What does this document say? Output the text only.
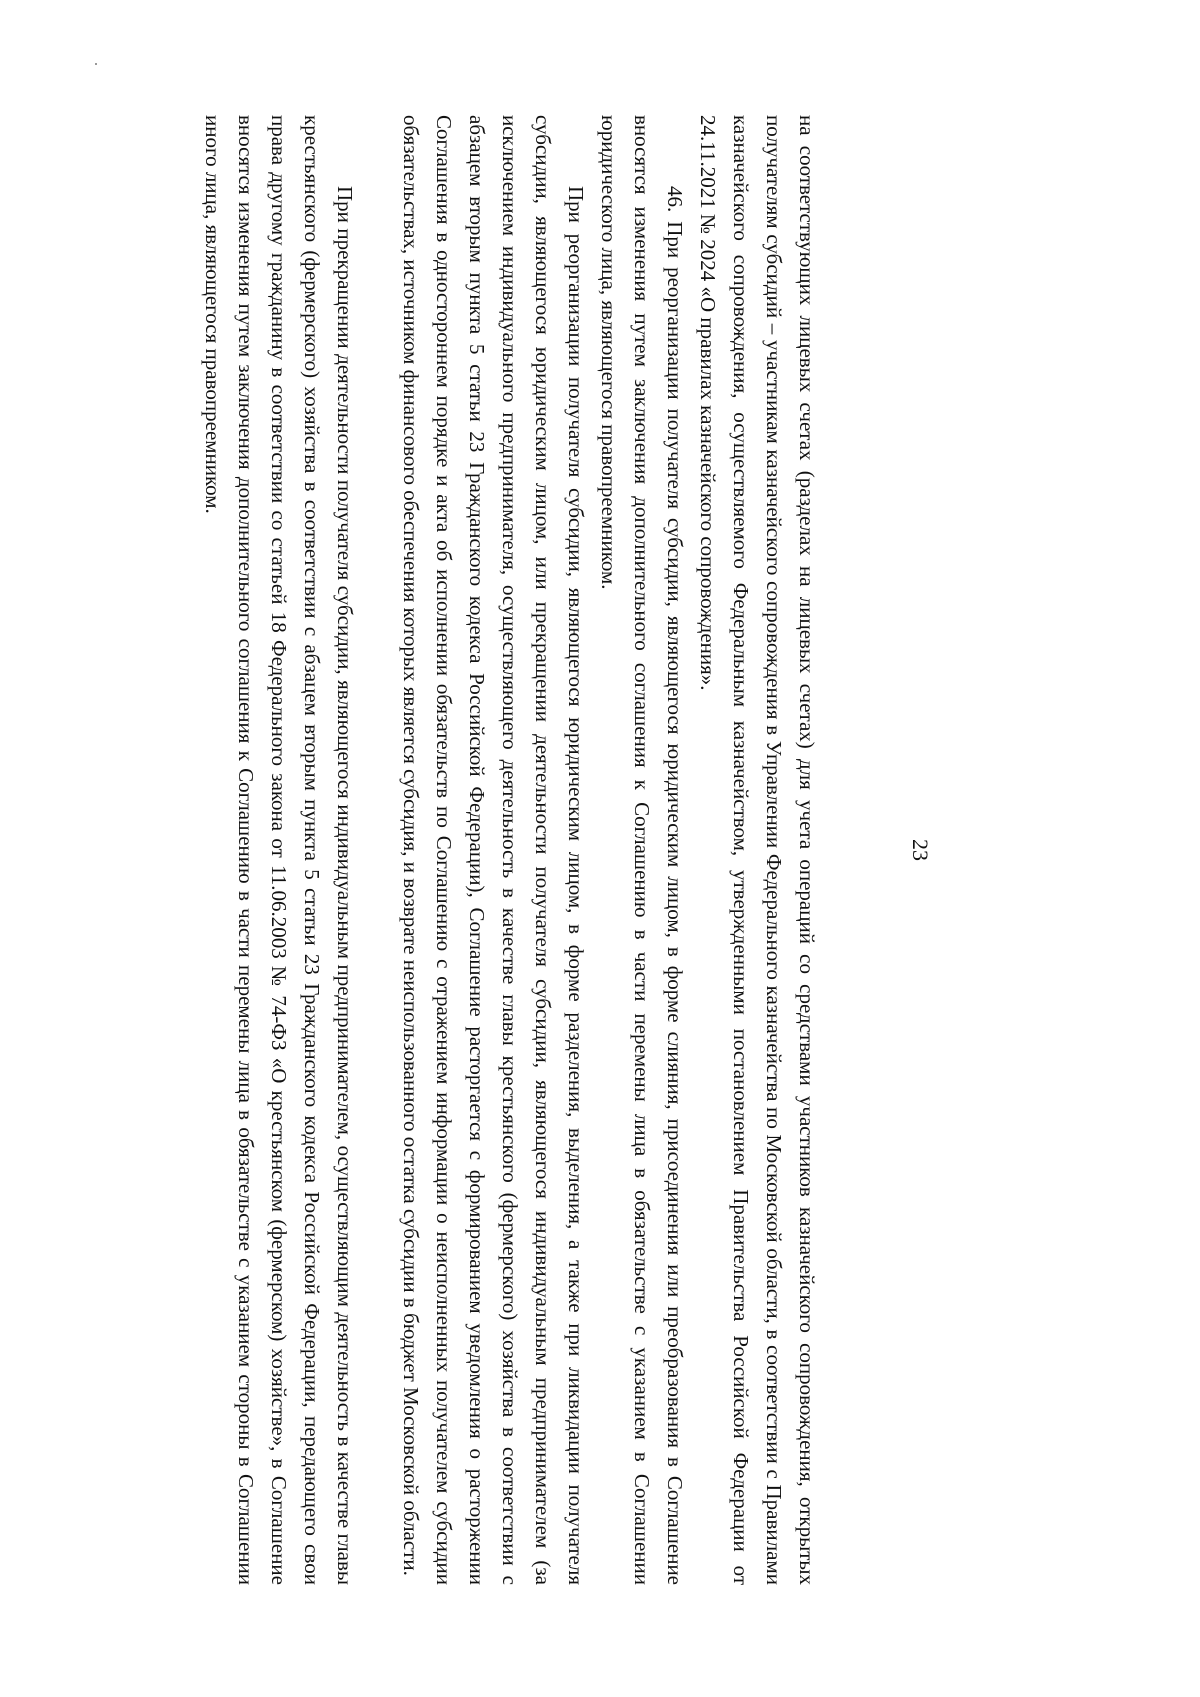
23

на соответствующих лицевых счетах (разделах на лицевых счетах) для учета операций со средствами участников казначейского сопровождения, открытых получателям субсидий – участникам казначейского сопровождения в Управлении Федерального казначейства по Московской области, в соответствии с Правилами казначейского сопровождения, осуществляемого Федеральным казначейством, утвержденными постановлением Правительства Российской Федерации от 24.11.2021 № 2024 «О правилах казначейского сопровождения».

46. При реорганизации получателя субсидии, являющегося юридическим лицом, в форме слияния, присоединения или преобразования в Соглашение вносятся изменения путем заключения дополнительного соглашения к Соглашению в части перемены лица в обязательстве с указанием в Соглашении юридического лица, являющегося правопреемником.

При реорганизации получателя субсидии, являющегося юридическим лицом, в форме разделения, выделения, а также при ликвидации получателя субсидии, являющегося юридическим лицом, или прекращении деятельности получателя субсидии, являющегося индивидуальным предпринимателем (за исключением индивидуального предпринимателя, осуществляющего деятельность в качестве главы крестьянского (фермерского) хозяйства в соответствии с абзацем вторым пункта 5 статьи 23 Гражданского кодекса Российской Федерации), Соглашение расторгается с формированием уведомления о расторжении Соглашения в одностороннем порядке и акта об исполнении обязательств по Соглашению с отражением информации о неисполненных получателем субсидии обязательствах, источником финансового обеспечения которых является субсидия, и возврате неиспользованного остатка субсидии в бюджет Московской области.

При прекращении деятельности получателя субсидии, являющегося индивидуальным предпринимателем, осуществляющим деятельность в качестве главы крестьянского (фермерского) хозяйства в соответствии с абзацем вторым пункта 5 статьи 23 Гражданского кодекса Российской Федерации, передающего свои права другому гражданину в соответствии со статьей 18 Федерального закона от 11.06.2003 № 74-ФЗ «О крестьянском (фермерском) хозяйстве», в Соглашение вносятся изменения путем заключения дополнительного соглашения к Соглашению в части перемены лица в обязательстве с указанием стороны в Соглашении иного лица, являющегося правопреемником.
